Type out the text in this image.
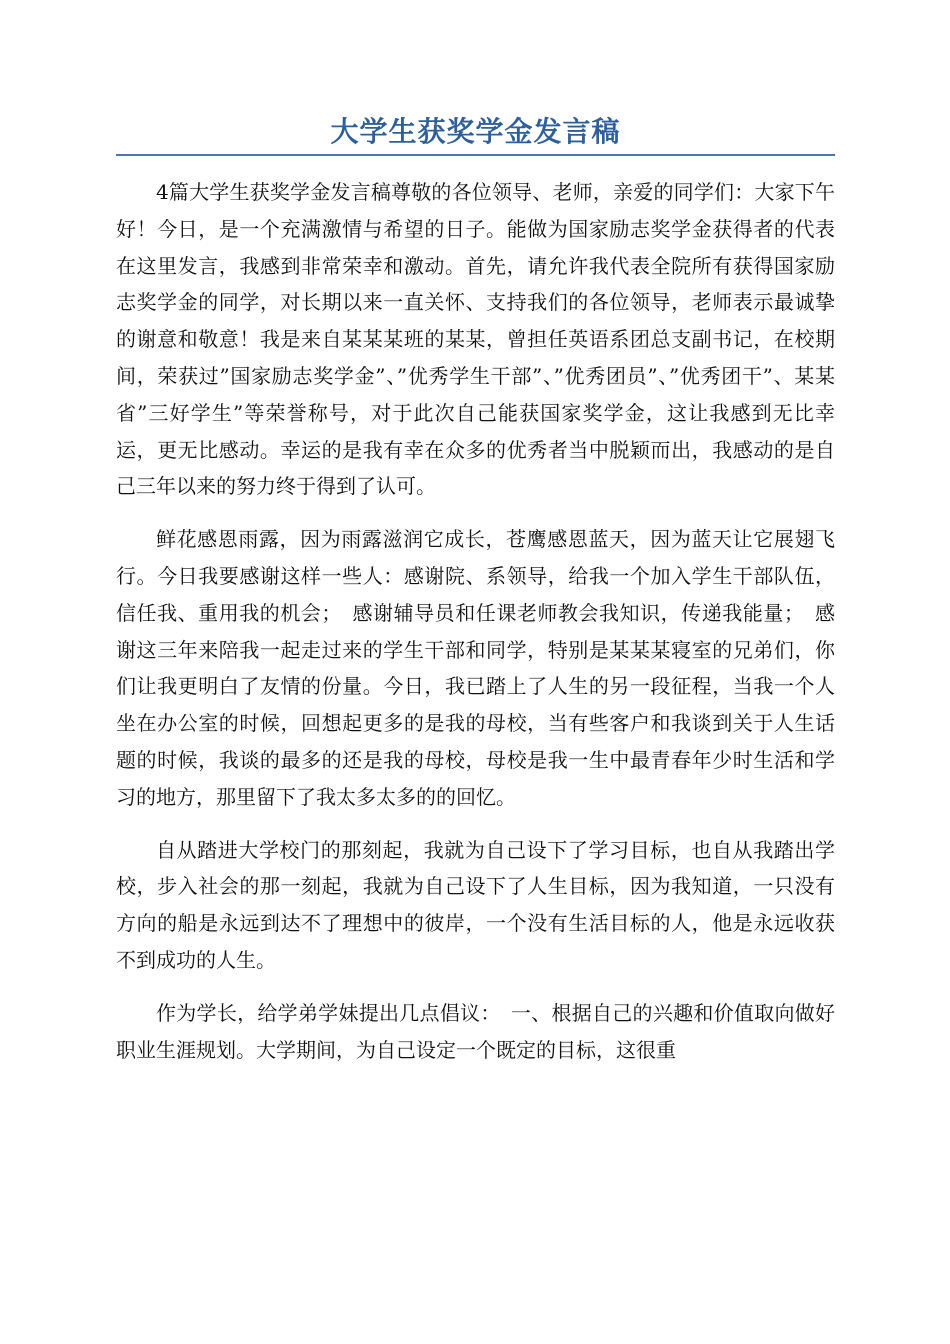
大学生获奖学金发言稿

4篇大学生获奖学金发言稿尊敬的各位领导、老师，亲爱的同学们：大家下午好！今日，是一个充满激情与希望的日子。能做为国家励志奖学金获得者的代表在这里发言，我感到非常荣幸和激动。首先，请允许我代表全院所有获得国家励志奖学金的同学，对长期以来一直关怀、支持我们的各位领导，老师表示最诚挚的谢意和敬意！我是来自某某某班的某某，曾担任英语系团总支副书记，在校期间，荣获过”国家励志奖学金”、”优秀学生干部”、”优秀团员”、”优秀团干”、某某省”三好学生”等荣誉称号，对于此次自己能获国家奖学金，这让我感到无比幸运，更无比感动。幸运的是我有幸在众多的优秀者当中脱颖而出，我感动的是自己三年以来的努力终于得到了认可。

鲜花感恩雨露，因为雨露滋润它成长，苍鹰感恩蓝天，因为蓝天让它展翅飞行。今日我要感谢这样一些人：感谢院、系领导，给我一个加入学生干部队伍，信任我、重用我的机会；　感谢辅导员和任课老师教会我知识，传递我能量；　感谢这三年来陪我一起走过来的学生干部和同学，特别是某某某寝室的兄弟们，你们让我更明白了友情的份量。今日，我已踏上了人生的另一段征程，当我一个人坐在办公室的时候，回想起更多的是我的母校，当有些客户和我谈到关于人生话题的时候，我谈的最多的还是我的母校，母校是我一生中最青春年少时生活和学习的地方，那里留下了我太多太多的的回忆。

自从踏进大学校门的那刻起，我就为自己设下了学习目标，也自从我踏出学校，步入社会的那一刻起，我就为自己设下了人生目标，因为我知道，一只没有方向的船是永远到达不了理想中的彼岸，一个没有生活目标的人，他是永远收获不到成功的人生。

作为学长，给学弟学妹提出几点倡议：　一、根据自己的兴趣和价值取向做好职业生涯规划。大学期间，为自己设定一个既定的目标，这很重
